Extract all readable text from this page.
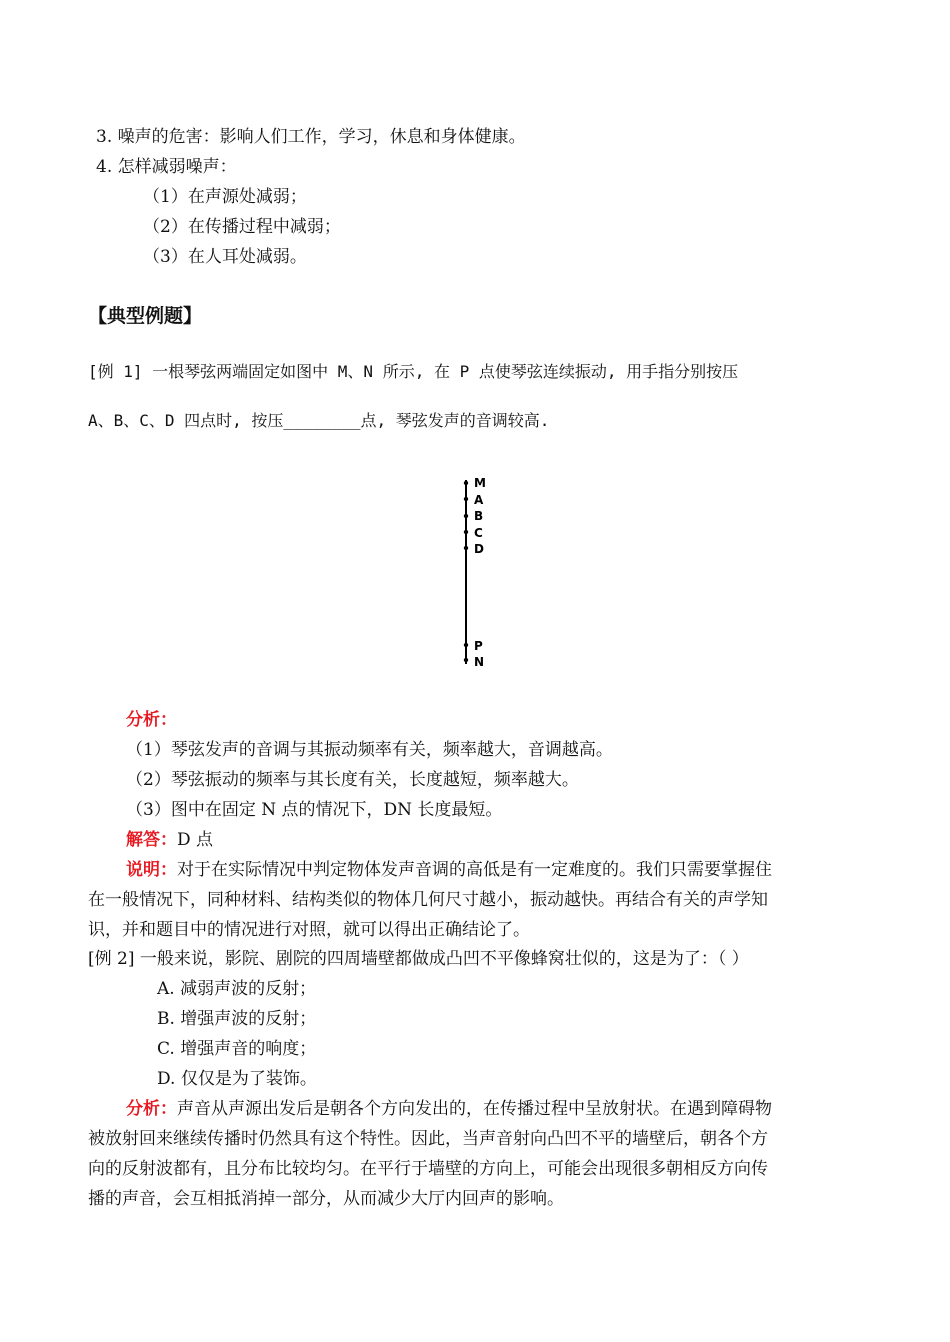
3. 噪声的危害：影响人们工作，学习，休息和身体健康。
4. 怎样减弱噪声：
（1）在声源处减弱；
（2）在传播过程中减弱；
（3）在人耳处减弱。
【典型例题】
[例 1] 一根琴弦两端固定如图中 M、N 所示, 在 P 点使琴弦连续振动, 用手指分别按压
A、B、C、D 四点时, 按压________点, 琴弦发声的音调较高.
M
A
B
C
D
P
N
分析：
（1）琴弦发声的音调与其振动频率有关，频率越大，音调越高。
（2）琴弦振动的频率与其长度有关，长度越短，频率越大。
（3）图中在固定 N 点的情况下，DN 长度最短。
解答：D 点
说明：对于在实际情况中判定物体发声音调的高低是有一定难度的。我们只需要掌握住
在一般情况下，同种材料、结构类似的物体几何尺寸越小，振动越快。再结合有关的声学知
识，并和题目中的情况进行对照，就可以得出正确结论了。
[例 2] 一般来说，影院、剧院的四周墙壁都做成凸凹不平像蜂窝壮似的，这是为了：（ ）
A. 减弱声波的反射；
B. 增强声波的反射；
C. 增强声音的响度；
D. 仅仅是为了装饰。
分析：声音从声源出发后是朝各个方向发出的，在传播过程中呈放射状。在遇到障碍物
被放射回来继续传播时仍然具有这个特性。因此，当声音射向凸凹不平的墙壁后，朝各个方
向的反射波都有，且分布比较均匀。在平行于墙壁的方向上，可能会出现很多朝相反方向传
播的声音，会互相抵消掉一部分，从而减少大厅内回声的影响。
